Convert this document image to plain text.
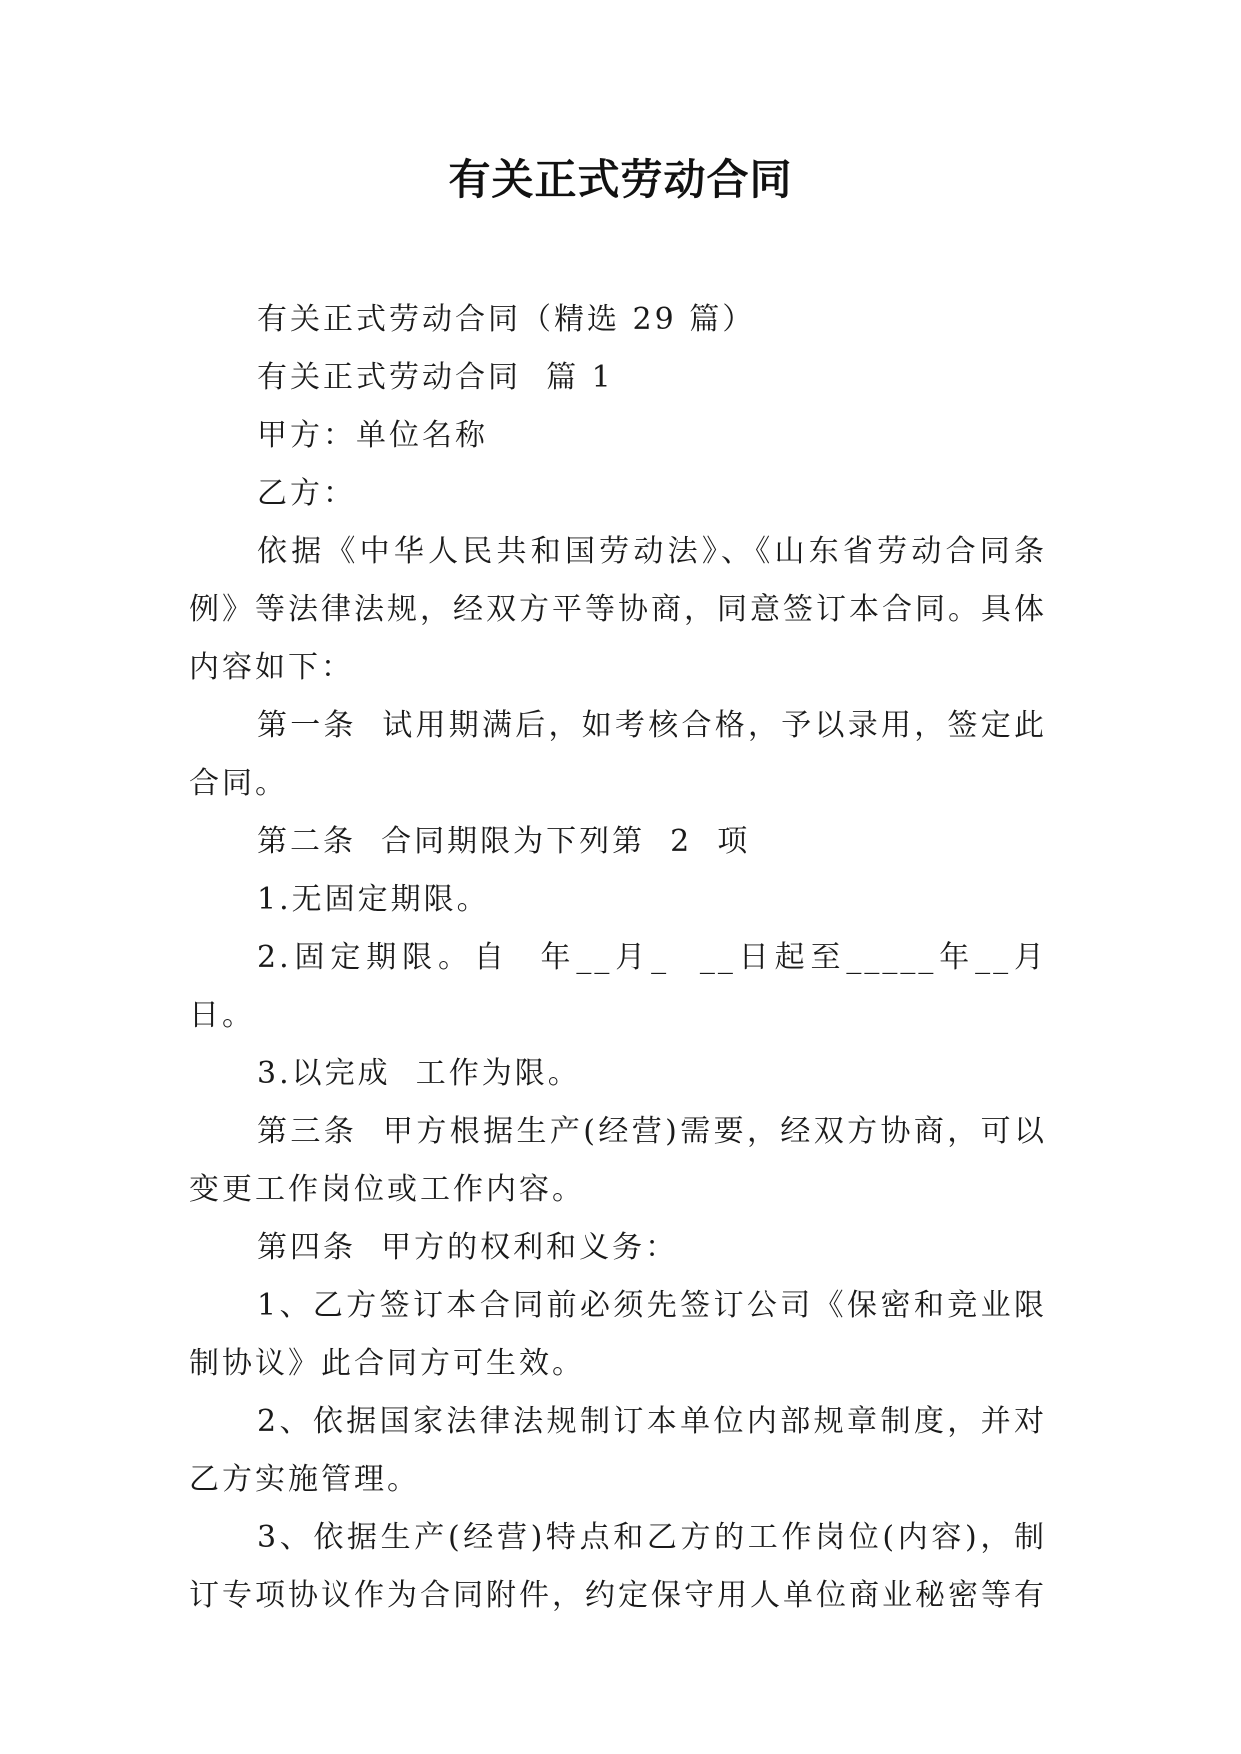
有关正式劳动合同

有关正式劳动合同（精选 29 篇）

有关正式劳动合同  篇 1

甲方：单位名称

乙方：

依据《中华人民共和国劳动法》、《山东省劳动合同条例》等法律法规，经双方平等协商，同意签订本合同。具体内容如下：

第一条  试用期满后，如考核合格，予以录用，签定此合同。

第二条  合同期限为下列第  2  项

1.无固定期限。

2.固定期限。自  年__月_  __日起至_____年__月  日。

3.以完成  工作为限。

第三条  甲方根据生产(经营)需要，经双方协商，可以变更工作岗位或工作内容。

第四条  甲方的权利和义务：

1、乙方签订本合同前必须先签订公司《保密和竞业限制协议》此合同方可生效。

2、依据国家法律法规制订本单位内部规章制度，并对乙方实施管理。

3、依据生产(经营)特点和乙方的工作岗位(内容)，制订专项协议作为合同附件，约定保守用人单位商业秘密等有
